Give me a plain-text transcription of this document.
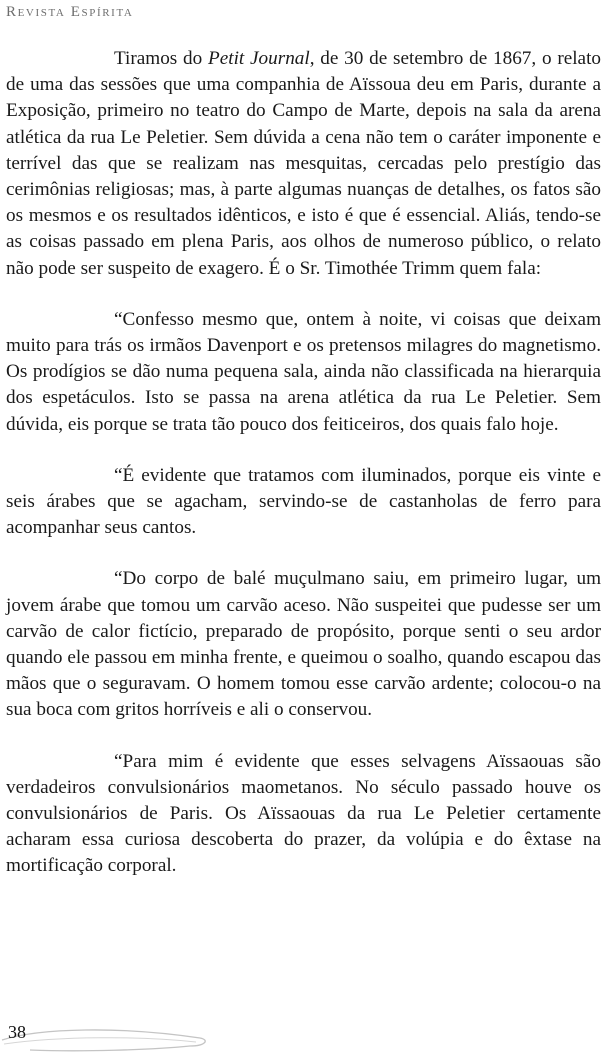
Revista Espírita

Tiramos do Petit Journal, de 30 de setembro de 1867, o relato de uma das sessões que uma companhia de Aïssoua deu em Paris, durante a Exposição, primeiro no teatro do Campo de Marte, depois na sala da arena atlética da rua Le Peletier. Sem dúvida a cena não tem o caráter imponente e terrível das que se realizam nas mesquitas, cercadas pelo prestígio das cerimônias religiosas; mas, à parte algumas nuanças de detalhes, os fatos são os mesmos e os resultados idênticos, e isto é que é essencial. Aliás, tendo-se as coisas passado em plena Paris, aos olhos de numeroso público, o relato não pode ser suspeito de exagero. É o Sr. Timothée Trimm quem fala:

“Confesso mesmo que, ontem à noite, vi coisas que deixam muito para trás os irmãos Davenport e os pretensos milagres do magnetismo. Os prodígios se dão numa pequena sala, ainda não classificada na hierarquia dos espetáculos. Isto se passa na arena atlética da rua Le Peletier. Sem dúvida, eis porque se trata tão pouco dos feiticeiros, dos quais falo hoje.

“É evidente que tratamos com iluminados, porque eis vinte e seis árabes que se agacham, servindo-se de castanholas de ferro para acompanhar seus cantos.

“Do corpo de balé muçulmano saiu, em primeiro lugar, um jovem árabe que tomou um carvão aceso. Não suspeitei que pudesse ser um carvão de calor fictício, preparado de propósito, porque senti o seu ardor quando ele passou em minha frente, e queimou o soalho, quando escapou das mãos que o seguravam. O homem tomou esse carvão ardente; colocou-o na sua boca com gritos horríveis e ali o conservou.

“Para mim é evidente que esses selvagens Aïssaouas são verdadeiros convulsionários maometanos. No século passado houve os convulsionários de Paris. Os Aïssaouas da rua Le Peletier certamente acharam essa curiosa descoberta do prazer, da volúpia e do êxtase na mortificação corporal.

38
